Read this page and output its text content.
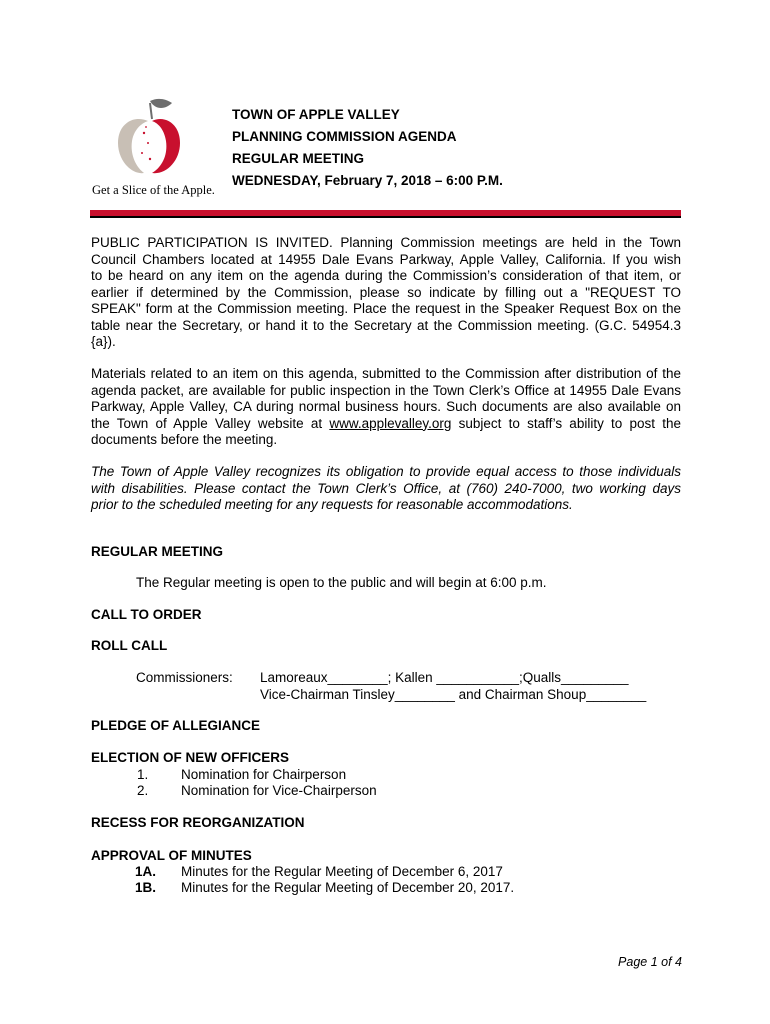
Get a Slice of the Apple.
TOWN OF APPLE VALLEY
PLANNING COMMISSION AGENDA
REGULAR MEETING
WEDNESDAY, February 7, 2018 – 6:00 P.M.
PUBLIC PARTICIPATION IS INVITED. Planning Commission meetings are held in the Town
Council Chambers located at 14955 Dale Evans Parkway, Apple Valley, California. If you wish
to be heard on any item on the agenda during the Commission’s consideration of that item, or
earlier if determined by the Commission, please so indicate by filling out a "REQUEST TO
SPEAK" form at the Commission meeting. Place the request in the Speaker Request Box on the
table near the Secretary, or hand it to the Secretary at the Commission meeting. (G.C. 54954.3
{a}).
Materials related to an item on this agenda, submitted to the Commission after distribution of the
agenda packet, are available for public inspection in the Town Clerk’s Office at 14955 Dale Evans
Parkway, Apple Valley, CA during normal business hours. Such documents are also available on
the Town of Apple Valley website at www.applevalley.org subject to staff’s ability to post the
documents before the meeting.
The Town of Apple Valley recognizes its obligation to provide equal access to those individuals
with disabilities. Please contact the Town Clerk’s Office, at (760) 240-7000, two working days
prior to the scheduled meeting for any requests for reasonable accommodations.
REGULAR MEETING
The Regular meeting is open to the public and will begin at 6:00 p.m.
CALL TO ORDER
ROLL CALL
Commissioners: Lamoreaux________; Kallen ___________;Qualls_________
Vice-Chairman Tinsley________ and Chairman Shoup________
PLEDGE OF ALLEGIANCE
ELECTION OF NEW OFFICERS
1. Nomination for Chairperson
2. Nomination for Vice-Chairperson
RECESS FOR REORGANIZATION
APPROVAL OF MINUTES
1A. Minutes for the Regular Meeting of December 6, 2017
1B. Minutes for the Regular Meeting of December 20, 2017.
Page 1 of 4
